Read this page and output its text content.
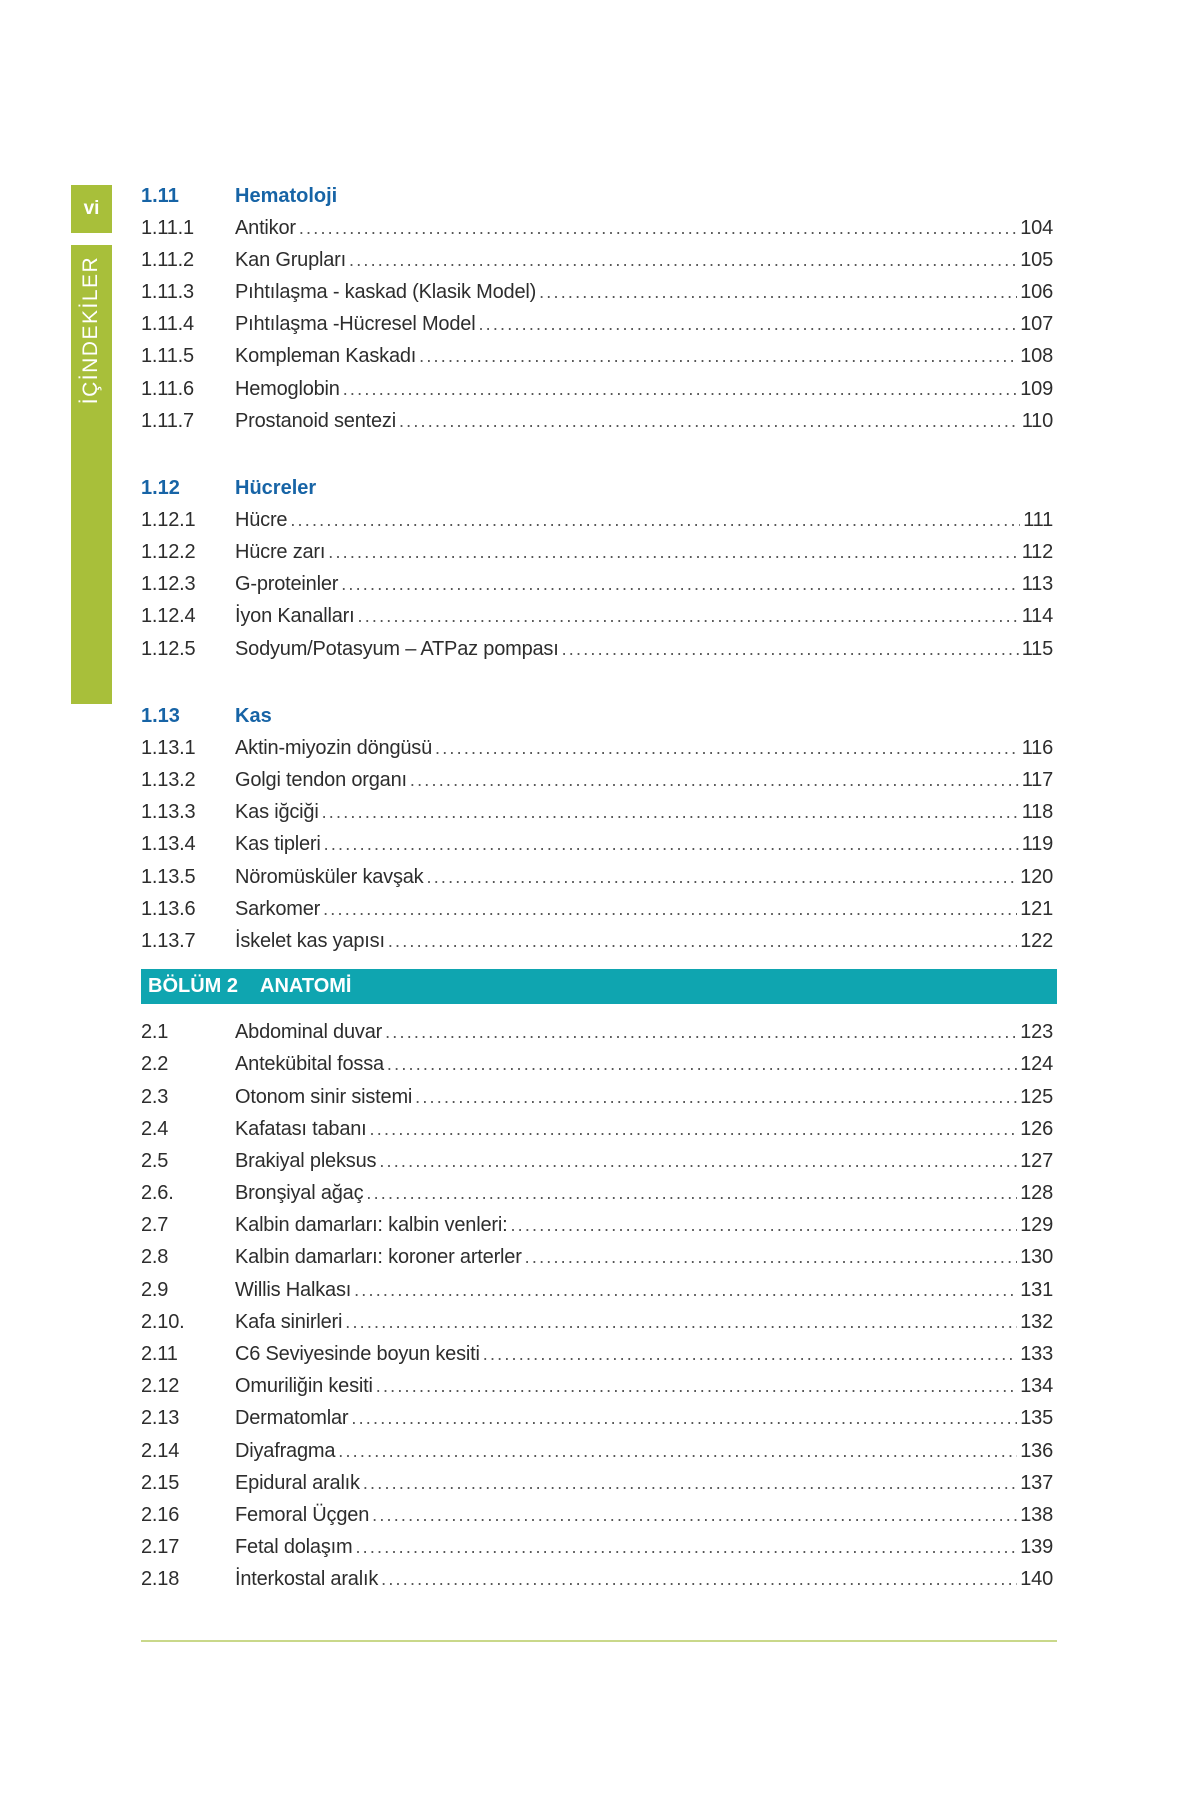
vi
İÇİNDEKİLER
1.11	Hematoloji
1.11.1	Antikor .....	104
1.11.2	Kan Grupları .....	105
1.11.3	Pıhtılaşma - kaskad (Klasik Model) .....	106
1.11.4	Pıhtılaşma -Hücresel Model .....	107
1.11.5	Kompleman Kaskadı .....	108
1.11.6	Hemoglobin .....	109
1.11.7	Prostanoid sentezi .....	110
1.12	Hücreler
1.12.1	Hücre .....	111
1.12.2	Hücre zarı .....	112
1.12.3	G-proteinler .....	113
1.12.4	İyon Kanalları .....	114
1.12.5	Sodyum/Potasyum – ATPaz pompası .....	115
1.13	Kas
1.13.1	Aktin-miyozin döngüsü .....	116
1.13.2	Golgi tendon organı .....	117
1.13.3	Kas iğciği .....	118
1.13.4	Kas tipleri .....	119
1.13.5	Nöromüsküler kavşak .....	120
1.13.6	Sarkomer .....	121
1.13.7	İskelet kas yapısı .....	122
BÖLÜM 2 ANATOMİ
2.1	Abdominal duvar .....	123
2.2	Antekübital fossa .....	124
2.3	Otonom sinir sistemi .....	125
2.4	Kafatası tabanı .....	126
2.5	Brakiyal pleksus .....	127
2.6.	Bronşiyal ağaç .....	128
2.7	Kalbin damarları: kalbin venleri: .....	129
2.8	Kalbin damarları: koroner arterler .....	130
2.9	Willis Halkası .....	131
2.10.	Kafa sinirleri .....	132
2.11	C6 Seviyesinde boyun kesiti .....	133
2.12	Omuriliğin kesiti .....	134
2.13	Dermatomlar .....	135
2.14	Diyafragma .....	136
2.15	Epidural aralık .....	137
2.16	Femoral Üçgen .....	138
2.17	Fetal dolaşım .....	139
2.18	İnterkostal aralık .....	140
